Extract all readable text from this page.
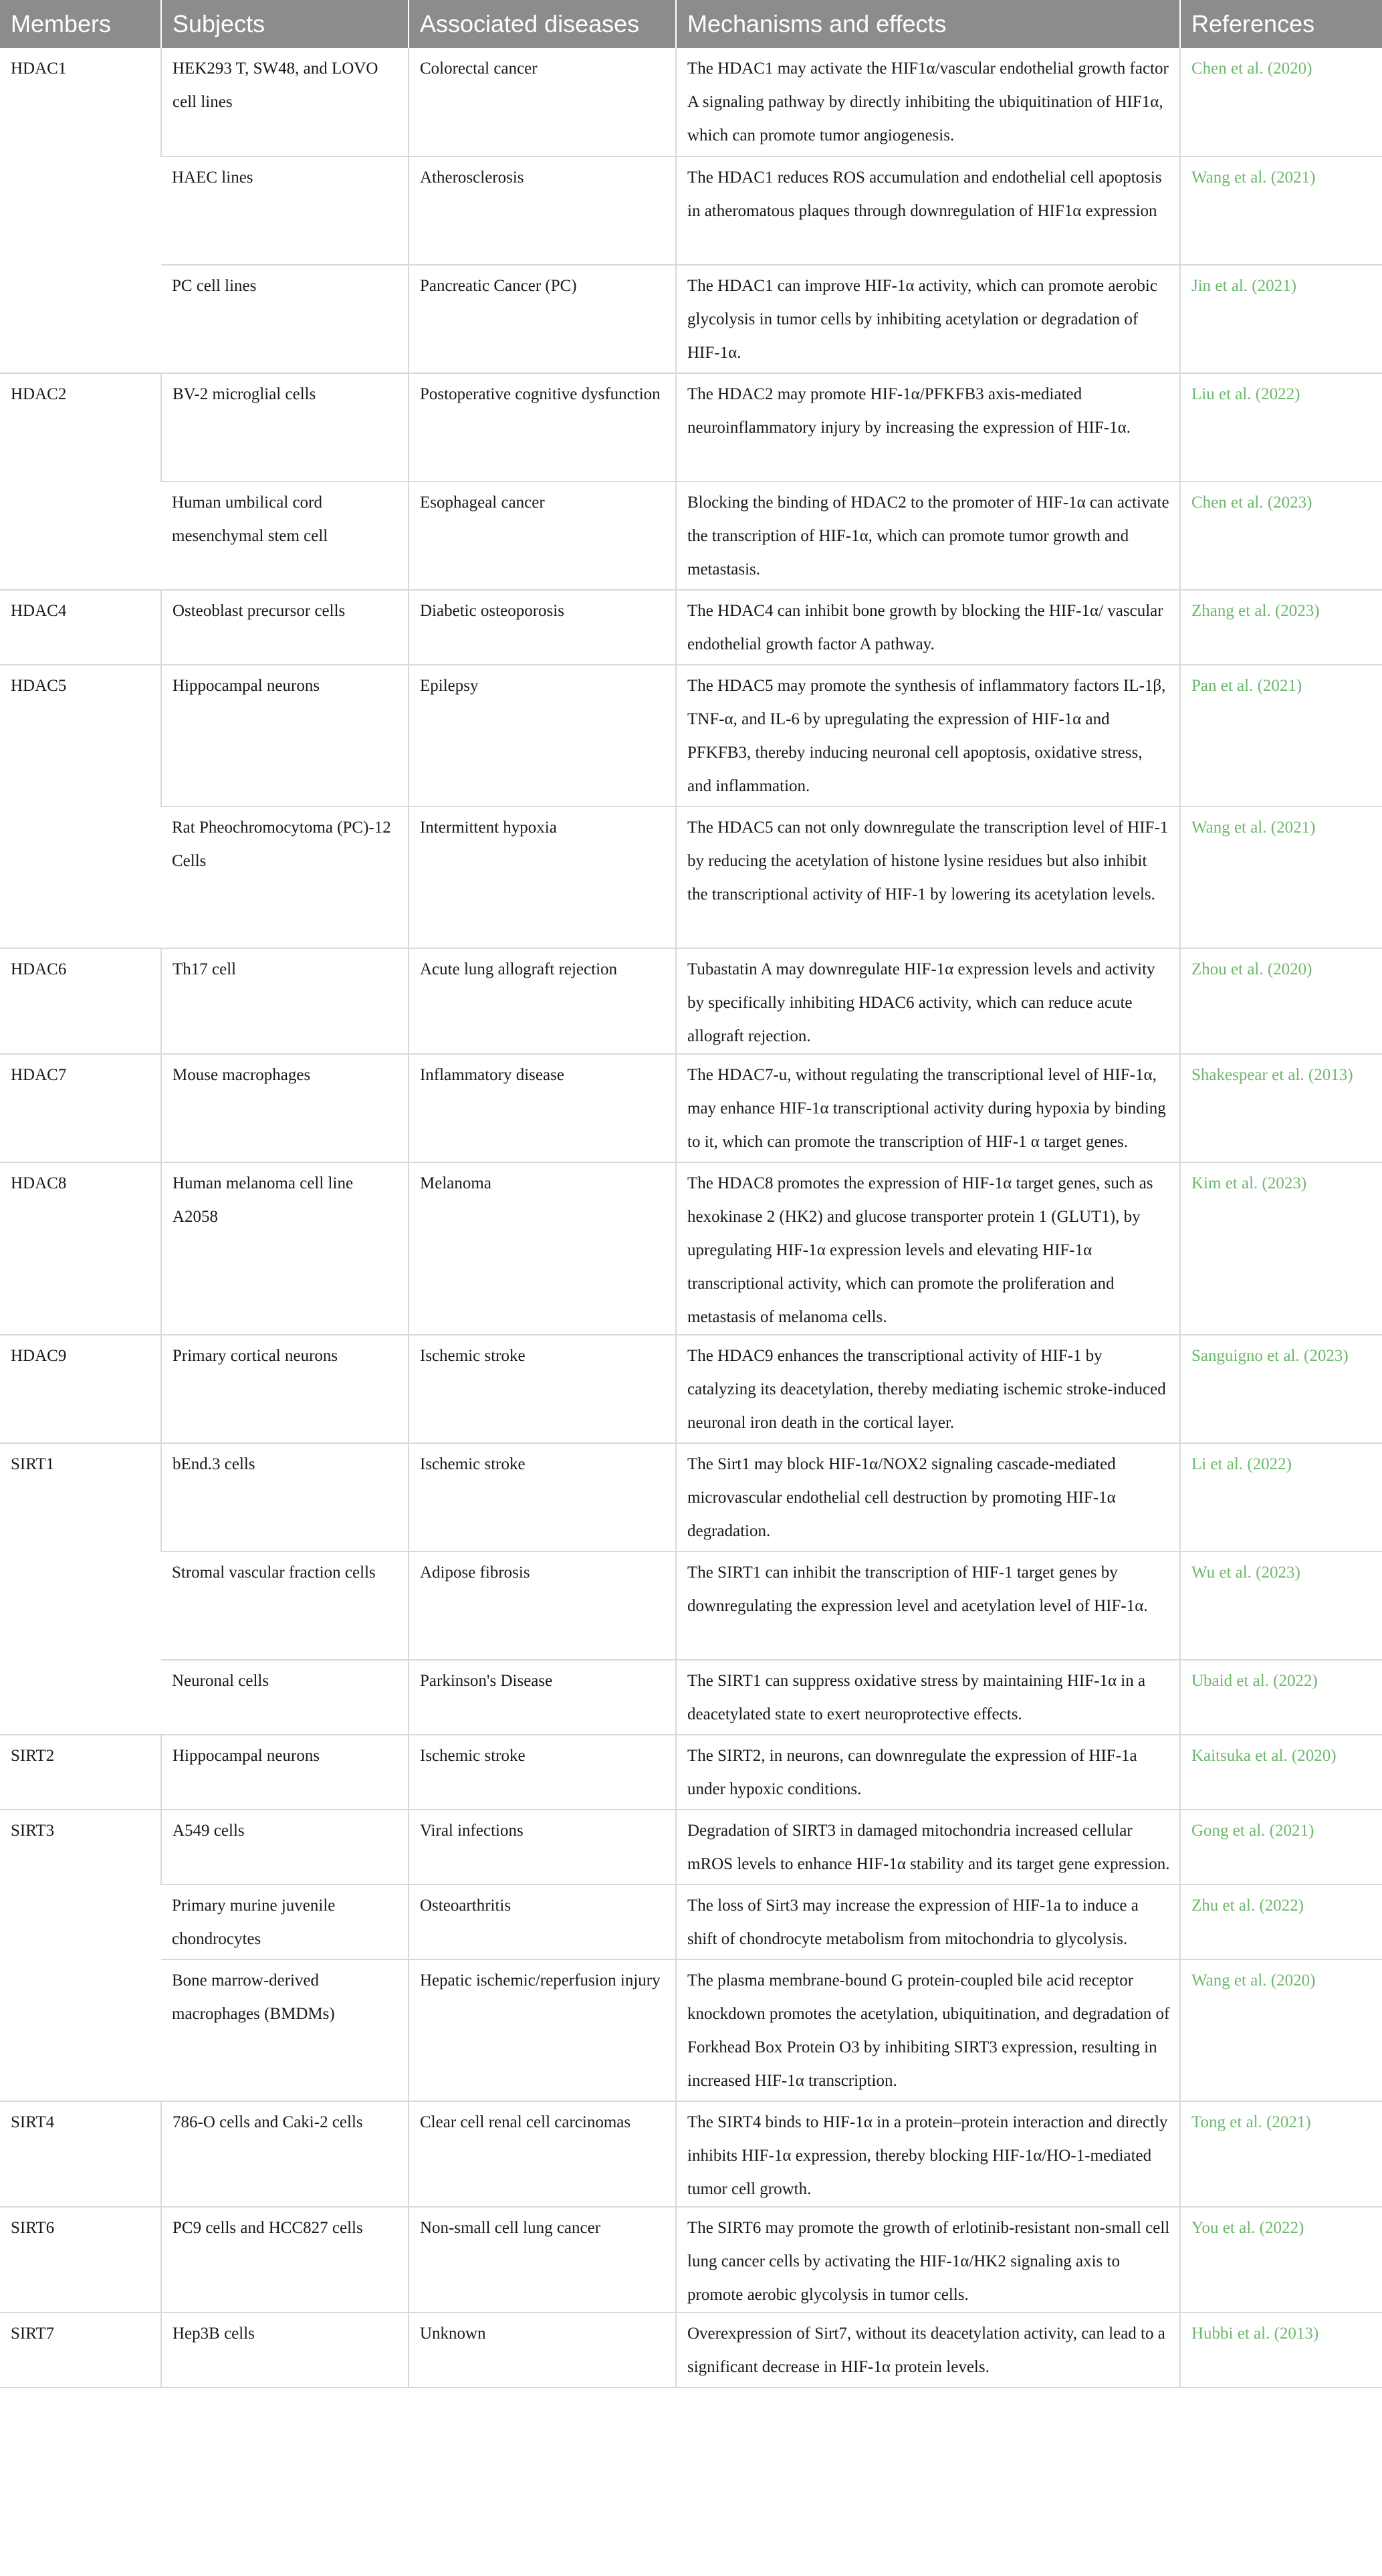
Members	Subjects	Associated diseases	Mechanisms and effects	References
HDAC1	HEK293 T, SW48, and LOVO cell lines	Colorectal cancer	The HDAC1 may activate the HIF1α/vascular endothelial growth factor A signaling pathway by directly inhibiting the ubiquitination of HIF1α, which can promote tumor angiogenesis.	Chen et al. (2020)
	HAEC lines	Atherosclerosis	The HDAC1 reduces ROS accumulation and endothelial cell apoptosis in atheromatous plaques through downregulation of HIF1α expression	Wang et al. (2021)
	PC cell lines	Pancreatic Cancer (PC)	The HDAC1 can improve HIF-1α activity, which can promote aerobic glycolysis in tumor cells by inhibiting acetylation or degradation of HIF-1α.	Jin et al. (2021)
HDAC2	BV-2 microglial cells	Postoperative cognitive dysfunction	The HDAC2 may promote HIF-1α/PFKFB3 axis-mediated neuroinflammatory injury by increasing the expression of HIF-1α.	Liu et al. (2022)
	Human umbilical cord mesenchymal stem cell	Esophageal cancer	Blocking the binding of HDAC2 to the promoter of HIF-1α can activate the transcription of HIF-1α, which can promote tumor growth and metastasis.	Chen et al. (2023)
HDAC4	Osteoblast precursor cells	Diabetic osteoporosis	The HDAC4 can inhibit bone growth by blocking the HIF-1α/ vascular endothelial growth factor A pathway.	Zhang et al. (2023)
HDAC5	Hippocampal neurons	Epilepsy	The HDAC5 may promote the synthesis of inflammatory factors IL-1β, TNF-α, and IL-6 by upregulating the expression of HIF-1α and PFKFB3, thereby inducing neuronal cell apoptosis, oxidative stress, and inflammation.	Pan et al. (2021)
	Rat Pheochromocytoma (PC)-12 Cells	Intermittent hypoxia	The HDAC5 can not only downregulate the transcription level of HIF-1 by reducing the acetylation of histone lysine residues but also inhibit the transcriptional activity of HIF-1 by lowering its acetylation levels.	Wang et al. (2021)
HDAC6	Th17 cell	Acute lung allograft rejection	Tubastatin A may downregulate HIF-1α expression levels and activity by specifically inhibiting HDAC6 activity, which can reduce acute allograft rejection.	Zhou et al. (2020)
HDAC7	Mouse macrophages	Inflammatory disease	The HDAC7-u, without regulating the transcriptional level of HIF-1α, may enhance HIF-1α transcriptional activity during hypoxia by binding to it, which can promote the transcription of HIF-1 α target genes.	Shakespear et al. (2013)
HDAC8	Human melanoma cell line A2058	Melanoma	The HDAC8 promotes the expression of HIF-1α target genes, such as hexokinase 2 (HK2) and glucose transporter protein 1 (GLUT1), by upregulating HIF-1α expression levels and elevating HIF-1α transcriptional activity, which can promote the proliferation and metastasis of melanoma cells.	Kim et al. (2023)
HDAC9	Primary cortical neurons	Ischemic stroke	The HDAC9 enhances the transcriptional activity of HIF-1 by catalyzing its deacetylation, thereby mediating ischemic stroke-induced neuronal iron death in the cortical layer.	Sanguigno et al. (2023)
SIRT1	bEnd.3 cells	Ischemic stroke	The Sirt1 may block HIF-1α/NOX2 signaling cascade-mediated microvascular endothelial cell destruction by promoting HIF-1α degradation.	Li et al. (2022)
	Stromal vascular fraction cells	Adipose fibrosis	The SIRT1 can inhibit the transcription of HIF-1 target genes by downregulating the expression level and acetylation level of HIF-1α.	Wu et al. (2023)
	Neuronal cells	Parkinson's Disease	The SIRT1 can suppress oxidative stress by maintaining HIF-1α in a deacetylated state to exert neuroprotective effects.	Ubaid et al. (2022)
SIRT2	Hippocampal neurons	Ischemic stroke	The SIRT2, in neurons, can downregulate the expression of HIF-1a under hypoxic conditions.	Kaitsuka et al. (2020)
SIRT3	A549 cells	Viral infections	Degradation of SIRT3 in damaged mitochondria increased cellular mROS levels to enhance HIF-1α stability and its target gene expression.	Gong et al. (2021)
	Primary murine juvenile chondrocytes	Osteoarthritis	The loss of Sirt3 may increase the expression of HIF-1a to induce a shift of chondrocyte metabolism from mitochondria to glycolysis.	Zhu et al. (2022)
	Bone marrow-derived macrophages (BMDMs)	Hepatic ischemic/reperfusion injury	The plasma membrane-bound G protein-coupled bile acid receptor knockdown promotes the acetylation, ubiquitination, and degradation of Forkhead Box Protein O3 by inhibiting SIRT3 expression, resulting in increased HIF-1α transcription.	Wang et al. (2020)
SIRT4	786-O cells and Caki-2 cells	Clear cell renal cell carcinomas	The SIRT4 binds to HIF-1α in a protein–protein interaction and directly inhibits HIF-1α expression, thereby blocking HIF-1α/HO-1-mediated tumor cell growth.	Tong et al. (2021)
SIRT6	PC9 cells and HCC827 cells	Non-small cell lung cancer	The SIRT6 may promote the growth of erlotinib-resistant non-small cell lung cancer cells by activating the HIF-1α/HK2 signaling axis to promote aerobic glycolysis in tumor cells.	You et al. (2022)
SIRT7	Hep3B cells	Unknown	Overexpression of Sirt7, without its deacetylation activity, can lead to a significant decrease in HIF-1α protein levels.	Hubbi et al. (2013)
